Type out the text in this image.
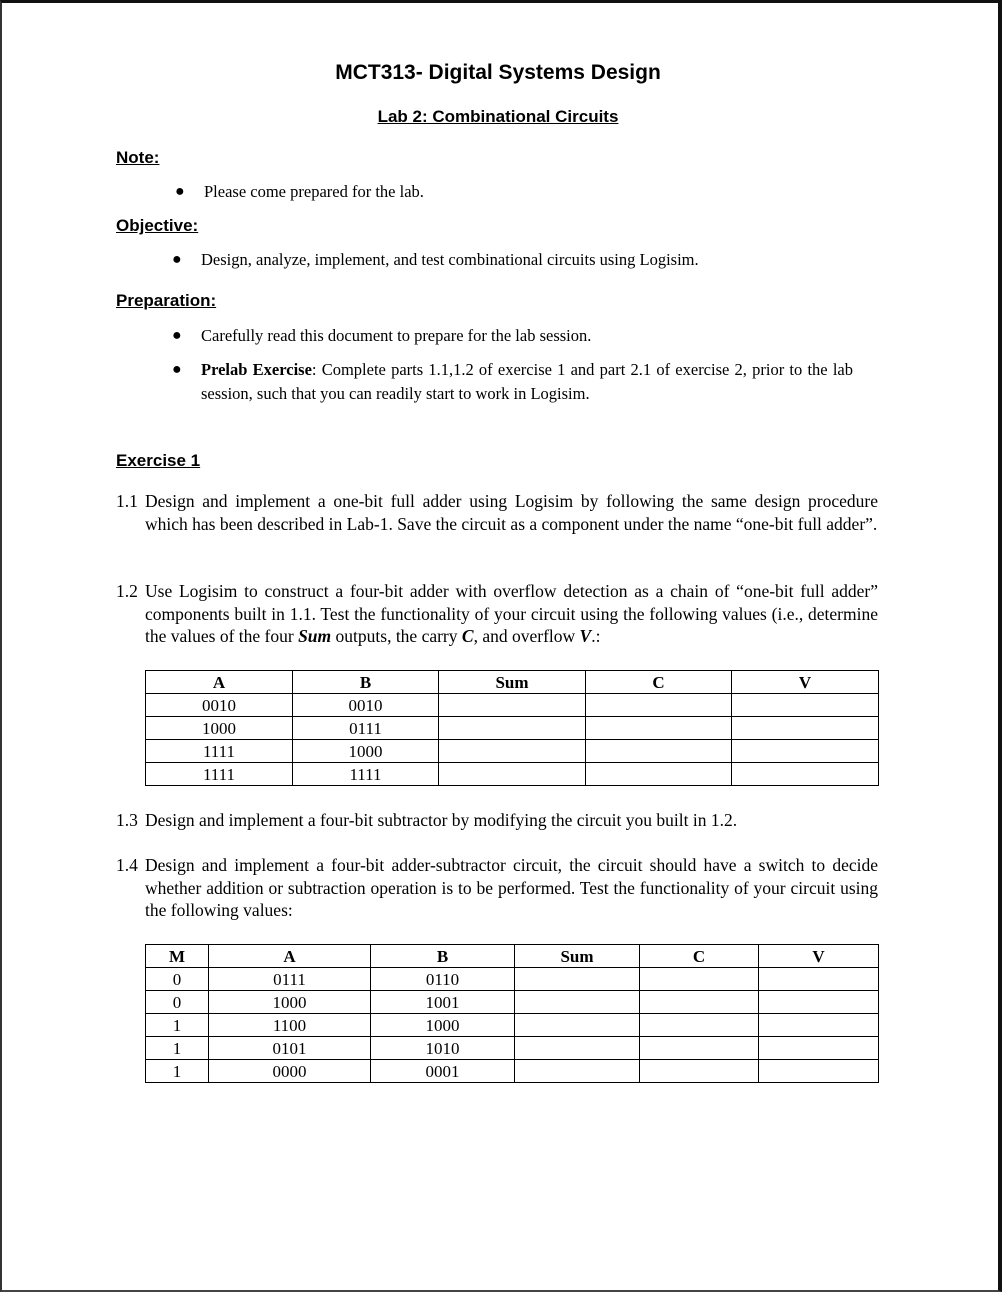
MCT313- Digital Systems Design
Lab 2: Combinational Circuits
Note:
● Please come prepared for the lab.
Objective:
● Design, analyze, implement, and test combinational circuits using Logisim.
Preparation:
● Carefully read this document to prepare for the lab session.
● Prelab Exercise: Complete parts 1.1,1.2 of exercise 1 and part 2.1 of exercise 2, prior to the lab session, such that you can readily start to work in Logisim.
Exercise 1
1.1 Design and implement a one-bit full adder using Logisim by following the same design procedure which has been described in Lab-1. Save the circuit as a component under the name “one-bit full adder”.
1.2 Use Logisim to construct a four-bit adder with overflow detection as a chain of “one-bit full adder” components built in 1.1. Test the functionality of your circuit using the following values (i.e., determine the values of the four Sum outputs, the carry C, and overflow V.:
A	B	Sum	C	V
0010	0010			
1000	0111			
1111	1000			
1111	1111			
1.3 Design and implement a four-bit subtractor by modifying the circuit you built in 1.2.
1.4 Design and implement a four-bit adder-subtractor circuit, the circuit should have a switch to decide whether addition or subtraction operation is to be performed. Test the functionality of your circuit using the following values:
M	A	B	Sum	C	V
0	0111	0110			
0	1000	1001			
1	1100	1000			
1	0101	1010			
1	0000	0001			
